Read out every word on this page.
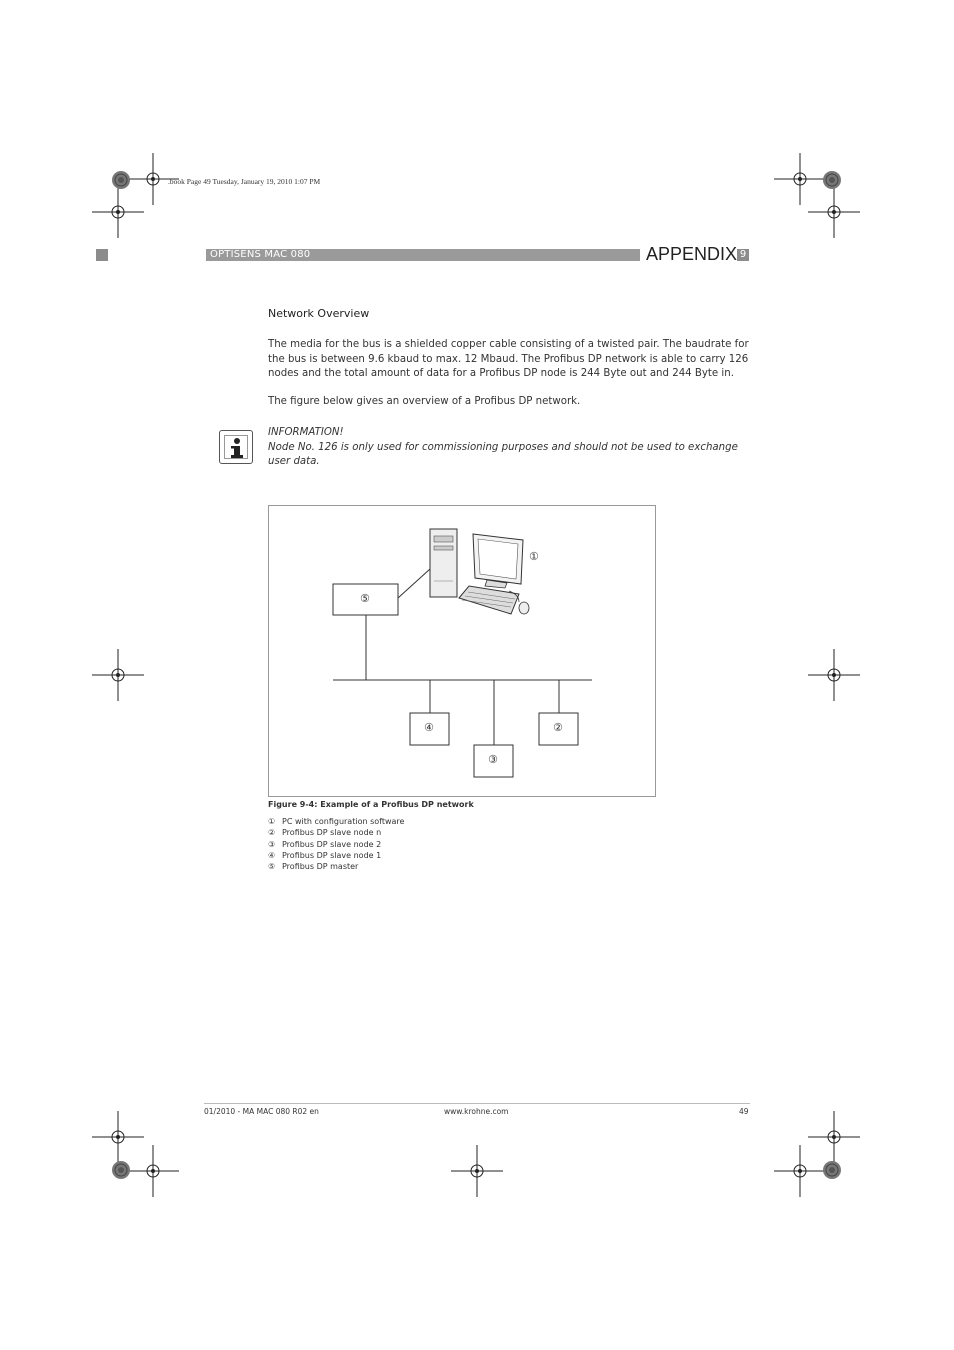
.book Page 49 Tuesday, January 19, 2010 1:07 PM
OPTISENS MAC 080	APPENDIX 9
Network Overview

The media for the bus is a shielded copper cable consisting of a twisted pair. The baudrate for the bus is between 9.6 kbaud to max. 12 Mbaud. The Profibus DP network is able to carry 126 nodes and the total amount of data for a Profibus DP node is 244 Byte out and 244 Byte in.

The figure below gives an overview of a Profibus DP network.

INFORMATION!
Node No. 126 is only used for commissioning purposes and should not be used to exchange user data.
①
⑤
④
③
②
Figure 9-4: Example of a Profibus DP network
① PC with configuration software
② Profibus DP slave node n
③ Profibus DP slave node 2
④ Profibus DP slave node 1
⑤ Profibus DP master
01/2010 - MA MAC 080 R02 en	www.krohne.com	49
